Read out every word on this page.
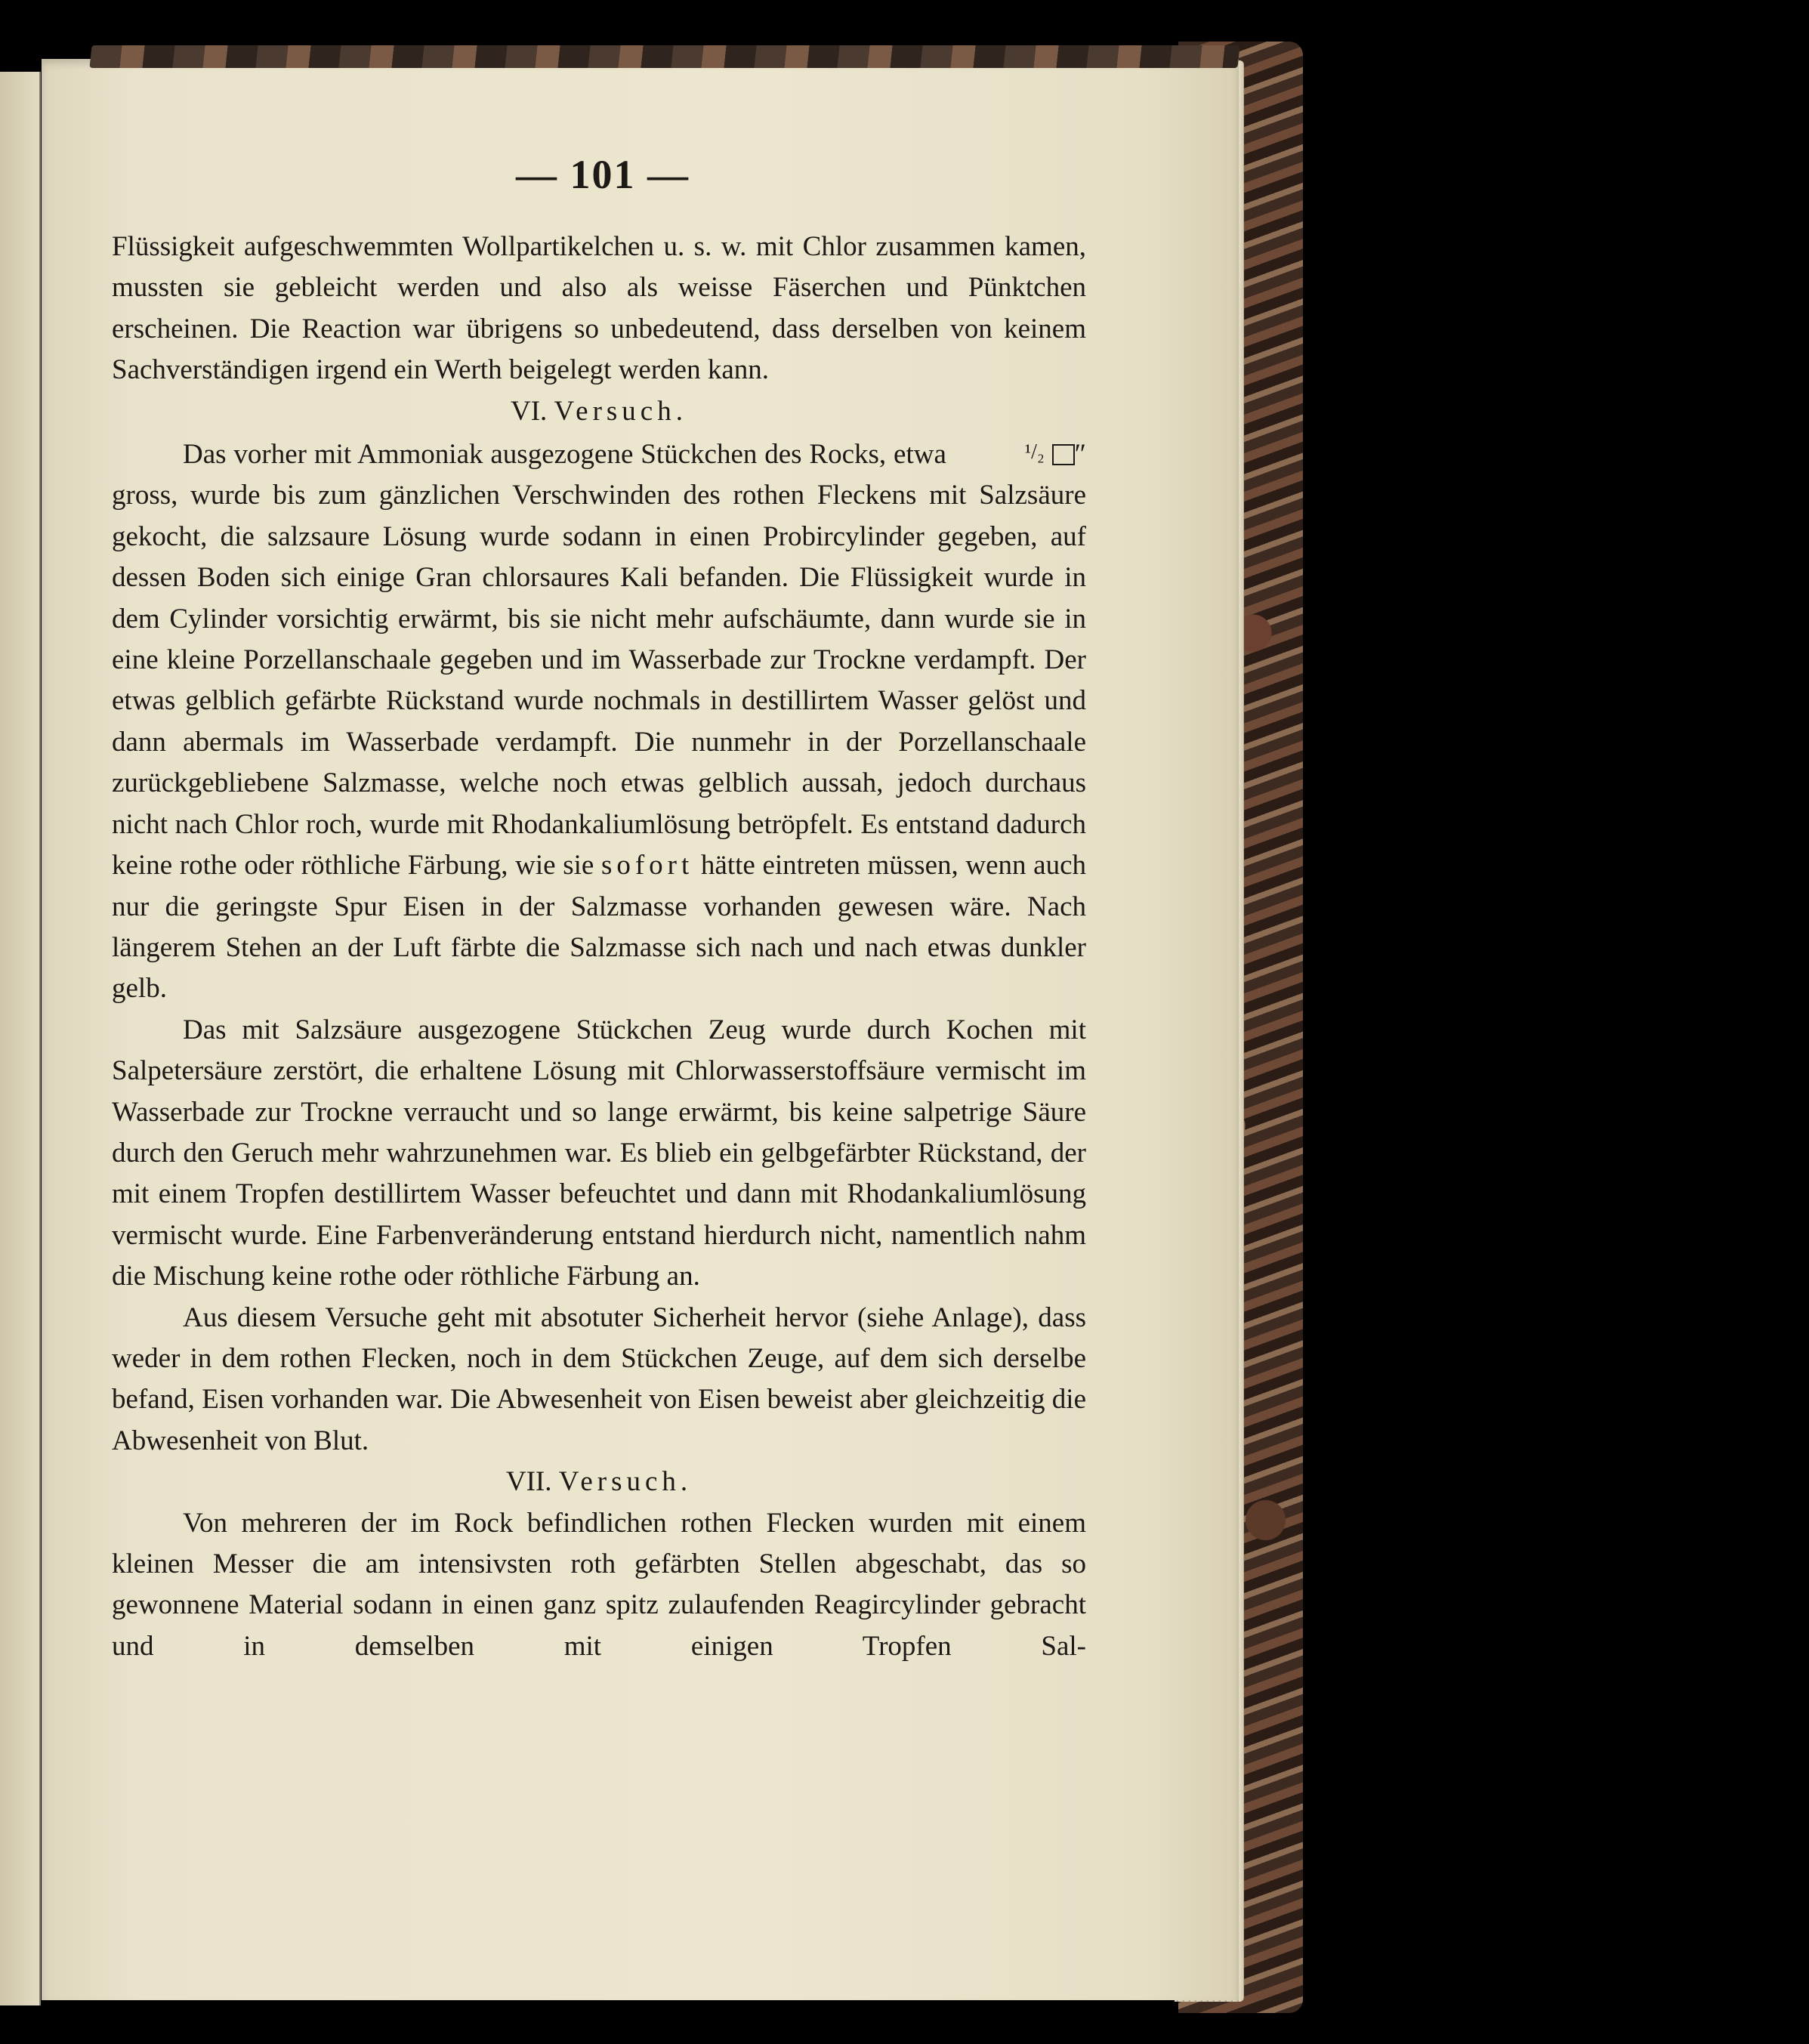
— 101 —

Flüssigkeit aufgeschwemmten Wollpartikelchen u. s. w. mit Chlor zusammen kamen, mussten sie gebleicht werden und also als weisse Fäserchen und Pünktchen erscheinen. Die Reaction war übrigens so unbedeutend, dass derselben von keinem Sachverständigen irgend ein Werth beigelegt werden kann.

VI. Versuch.

Das vorher mit Ammoniak ausgezogene Stückchen des Rocks, etwa	¹/₂ ″ gross, wurde bis zum gänzlichen Verschwinden des rothen Fleckens mit Salzsäure gekocht, die salzsaure Lösung wurde sodann in einen Probircylinder gegeben, auf dessen Boden sich einige Gran chlorsaures Kali befanden. Die Flüssigkeit wurde in dem Cylinder vorsichtig erwärmt, bis sie nicht mehr aufschäumte, dann wurde sie in eine kleine Porzellanschaale gegeben und im Wasserbade zur Trockne verdampft. Der etwas gelblich gefärbte Rückstand wurde nochmals in destillirtem Wasser gelöst und dann abermals im Wasserbade verdampft. Die nunmehr in der Porzellanschaale zurückgebliebene Salzmasse, welche noch etwas gelblich aussah, jedoch durchaus nicht nach Chlor roch, wurde mit Rhodankaliumlösung betröpfelt. Es entstand dadurch keine rothe oder röthliche Färbung, wie sie sofort hätte eintreten müssen, wenn auch nur die geringste Spur Eisen in der Salzmasse vorhanden gewesen wäre. Nach längerem Stehen an der Luft färbte die Salzmasse sich nach und nach etwas dunkler gelb.

Das mit Salzsäure ausgezogene Stückchen Zeug wurde durch Kochen mit Salpetersäure zerstört, die erhaltene Lösung mit Chlorwasserstoffsäure vermischt im Wasserbade zur Trockne verraucht und so lange erwärmt, bis keine salpetrige Säure durch den Geruch mehr wahrzunehmen war. Es blieb ein gelbgefärbter Rückstand, der mit einem Tropfen destillirtem Wasser befeuchtet und dann mit Rhodankaliumlösung vermischt wurde. Eine Farbenveränderung entstand hierdurch nicht, namentlich nahm die Mischung keine rothe oder röthliche Färbung an.

Aus diesem Versuche geht mit absotuter Sicherheit hervor (siehe Anlage), dass weder in dem rothen Flecken, noch in dem Stückchen Zeuge, auf dem sich derselbe befand, Eisen vorhanden war. Die Abwesenheit von Eisen beweist aber gleichzeitig die Abwesenheit von Blut.

VII. Versuch.

Von mehreren der im Rock befindlichen rothen Flecken wurden mit einem kleinen Messer die am intensivsten roth gefärbten Stellen abgeschabt, das so gewonnene Material sodann in einen ganz spitz zulaufenden Reagircylinder gebracht und in demselben mit einigen Tropfen Sal-
